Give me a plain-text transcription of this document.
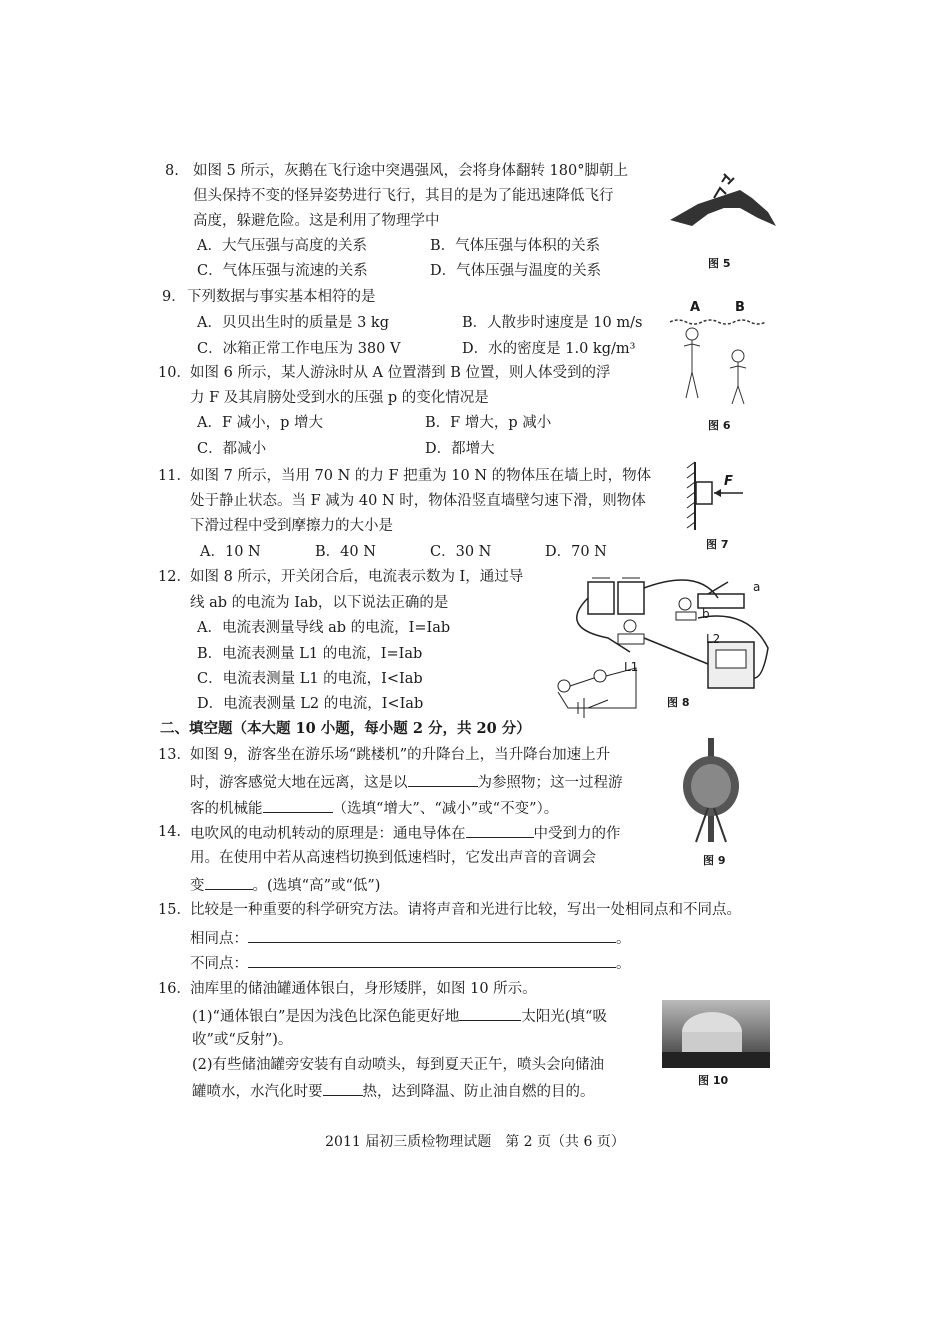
8. 如图 5 所示，灰鹅在飞行途中突遇强风，会将身体翻转 180°脚朝上
但头保持不变的怪异姿势进行飞行，其目的是为了能迅速降低飞行
高度，躲避危险。这是利用了物理学中
A．大气压强与高度的关系	B．气体压强与体积的关系
C．气体压强与流速的关系	D．气体压强与温度的关系	图 5
9． 下列数据与事实基本相符的是
A．贝贝出生时的质量是 3 kg	B．人散步时速度是 10 m/s
C．冰箱正常工作电压为 380 V	D．水的密度是 1.0 kg/m³
A	B
10． 如图 6 所示，某人游泳时从 A 位置潜到 B 位置，则人体受到的浮
力 F 及其肩膀处受到水的压强 p 的变化情况是
A．F 减小，p 增大	B．F 增大，p 减小
C．都减小	D．都增大
图 6
11． 如图 7 所示，当用 70 N 的力 F 把重为 10 N 的物体压在墙上时，物体
处于静止状态。当 F 减为 40 N 时，物体沿竖直墙壁匀速下滑，则物体
下滑过程中受到摩擦力的大小是
A．10 N	B．40 N	C．30 N	D．70 N
F
图 7
12． 如图 8 所示，开关闭合后，电流表示数为 I，通过导
线 ab 的电流为 Iab，以下说法正确的是
A．电流表测量导线 ab 的电流，I=Iab
B．电流表测量 L1 的电流，I=Iab
C．电流表测量 L1 的电流，I<Iab
D．电流表测量 L2 的电流，I<Iab
a
b
L1
L2
图 8
二、填空题（本大题 10 小题，每小题 2 分，共 20 分）
13． 如图 9，游客坐在游乐场“跳楼机”的升降台上，当升降台加速上升
时，游客感觉大地在远离，这是以	为参照物；这一过程游
客的机械能	（选填“增大”、“减小”或“不变”）。
图 9
14． 电吹风的电动机转动的原理是：通电导体在	中受到力的作
用。在使用中若从高速档切换到低速档时，它发出声音的音调会
变	。(选填“高”或“低”)
15． 比较是一种重要的科学研究方法。请将声音和光进行比较，写出一处相同点和不同点。
相同点：	。
不同点：	。
16． 油库里的储油罐通体银白，身形矮胖，如图 10 所示。
(1)“通体银白”是因为浅色比深色能更好地	太阳光(填“吸
收”或“反射”)。
(2)有些储油罐旁安装有自动喷头，每到夏天正午，喷头会向储油
罐喷水，水汽化时要	热，达到降温、防止油自燃的目的。
图 10
2011 届初三质检物理试题　第 2 页（共 6 页）
